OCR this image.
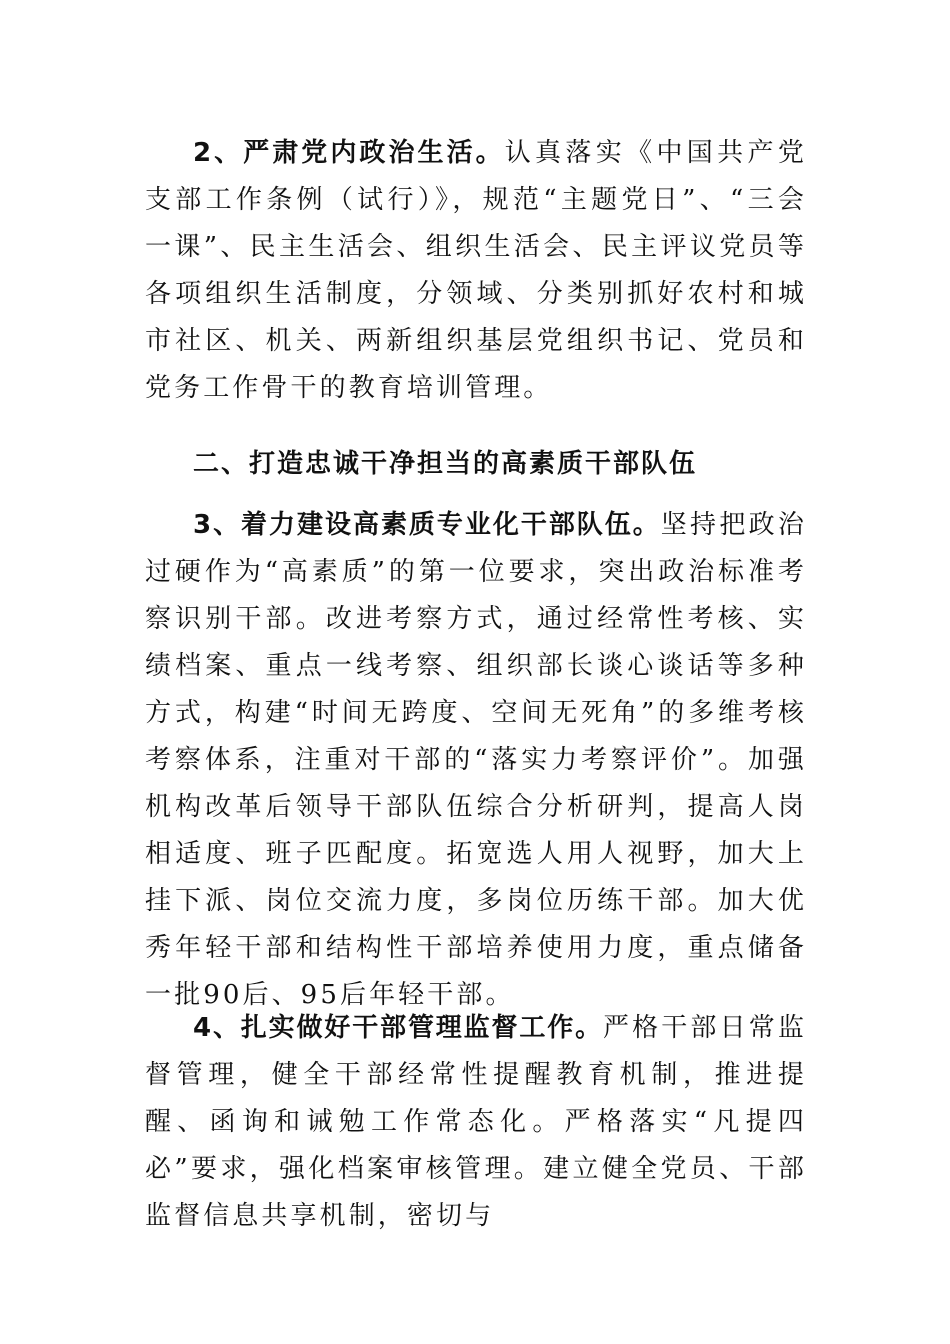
2、严肃党内政治生活。认真落实《中国共产党支部工作条例（试行）》，规范“主题党日”、“三会一课”、民主生活会、组织生活会、民主评议党员等各项组织生活制度，分领域、分类别抓好农村和城市社区、机关、两新组织基层党组织书记、党员和党务工作骨干的教育培训管理。

二、打造忠诚干净担当的高素质干部队伍

3、着力建设高素质专业化干部队伍。坚持把政治过硬作为“高素质”的第一位要求，突出政治标准考察识别干部。改进考察方式，通过经常性考核、实绩档案、重点一线考察、组织部长谈心谈话等多种方式，构建“时间无跨度、空间无死角”的多维考核考察体系，注重对干部的“落实力考察评价”。加强机构改革后领导干部队伍综合分析研判，提高人岗相适度、班子匹配度。拓宽选人用人视野，加大上挂下派、岗位交流力度，多岗位历练干部。加大优秀年轻干部和结构性干部培养使用力度，重点储备一批90后、95后年轻干部。

4、扎实做好干部管理监督工作。严格干部日常监督管理，健全干部经常性提醒教育机制，推进提醒、函询和诫勉工作常态化。严格落实“凡提四必”要求，强化档案审核管理。建立健全党员、干部监督信息共享机制，密切与
